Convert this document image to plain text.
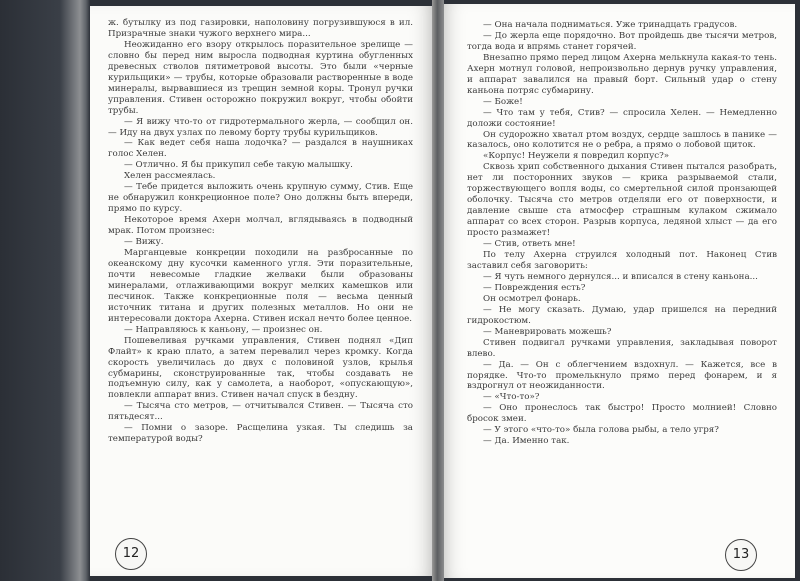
ж. бутылку из под газировки, наполовину погрузившуюся в ил. Призрачные знаки чужого верхнего мира...

Неожиданно его взору открылось поразительное зрелище — словно бы перед ним выросла подводная куртина обугленных древесных стволов пятиметровой высоты. Это были «черные курильщики» — трубы, которые образовали растворенные в воде минералы, вырвавшиеся из трещин земной коры. Тронул ручки управления. Стивен осторожно покружил вокруг, чтобы обойти трубы.

— Я вижу что-то от гидротермального жерла, — сообщил он. — Иду на двух узлах по левому борту трубы курильщиков.

— Как ведет себя наша лодочка? — раздался в наушниках голос Хелен.

— Отлично. Я бы прикупил себе такую малышку.

Хелен рассмеялась.

— Тебе придется выложить очень крупную сумму, Стив. Еще не обнаружил конкреционное поле? Оно должны быть впереди, прямо по курсу.

Некоторое время Ахерн молчал, вглядываясь в подводный мрак. Потом произнес:

— Вижу.

Марганцевые конкреции походили на разбросанные по океанскому дну кусочки каменного угля. Эти поразительные, почти невесомые гладкие желваки были образованы минералами, отлаживающими вокруг мелких камешков или песчинок. Также конкреционные поля — весьма ценный источник титана и других полезных металлов. Но они не интересовали доктора Ахерна. Стивен искал нечто более ценное.

— Направляюсь к каньону, — произнес он.

Пошевеливая ручками управления, Стивен поднял «Дип Флайт» к краю плато, а затем перевалил через кромку. Когда скорость увеличилась до двух с половиной узлов, крылья субмарины, сконструированные так, чтобы создавать не подъемную силу, как у самолета, а наоборот, «опускающую», повлекли аппарат вниз. Стивен начал спуск в бездну.

— Тысяча сто метров, — отчитывался Стивен. — Тысяча сто пятьдесят...

— Помни о зазоре. Расщелина узкая. Ты следишь за температурой воды?

12

— Она начала подниматься. Уже тринадцать градусов.

— До жерла еще порядочно. Вот пройдешь две тысячи метров, тогда вода и впрямь станет горячей.

Внезапно прямо перед лицом Ахерна мелькнула какая-то тень. Ахерн мотнул головой, непроизвольно дернув ручку управления, и аппарат завалился на правый борт. Сильный удар о стену каньона потряс субмарину.

— Боже!

— Что там у тебя, Стив? — спросила Хелен. — Немедленно доложи состояние!

Он судорожно хватал ртом воздух, сердце зашлось в панике — казалось, оно колотится не о ребра, а прямо о лобовой щиток.

«Корпус! Неужели я повредил корпус?»

Сквозь хрип собственного дыхания Стивен пытался разобрать, нет ли посторонних звуков — крика разрываемой стали, торжествующего вопля воды, со смертельной силой пронзающей оболочку. Тысяча сто метров отделяли его от поверхности, и давление свыше ста атмосфер страшным кулаком сжимало аппарат со всех сторон. Разрыв корпуса, ледяной хлыст — да его просто размажет!

— Стив, ответь мне!

По телу Ахерна струился холодный пот. Наконец Стив заставил себя заговорить:

— Я чуть немного дернулся... и вписался в стену каньона...

— Повреждения есть?

Он осмотрел фонарь.

— Не могу сказать. Думаю, удар пришелся на передний гидрокостюм.

— Маневрировать можешь?

Стивен подвигал ручками управления, закладывая поворот влево.

— Да. — Он с облегчением вздохнул. — Кажется, все в порядке. Что-то промелькнуло прямо перед фонарем, и я вздрогнул от неожиданности.

— «Что-то»?

— Оно пронеслось так быстро! Просто молнией! Словно бросок змеи.

— У этого «что-то» была голова рыбы, а тело угря?

— Да. Именно так.

13
